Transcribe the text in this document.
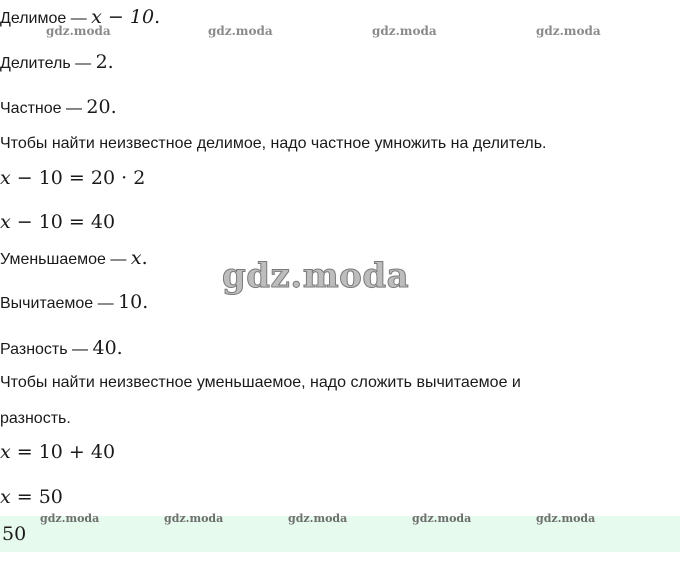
gdz.moda	gdz.moda	gdz.moda	gdz.moda
Делимое — x − 10.
Делитель — 2.
Частное — 20.
Чтобы найти неизвестное делимое, надо частное умножить на делитель.
x − 10 = 20 · 2
x − 10 = 40
Уменьшаемое — x. gdz.moda
Вычитаемое — 10.
Разность — 40.
Чтобы найти неизвестное уменьшаемое, надо сложить вычитаемое и
разность.
x = 10 + 40
x = 50
50
gdz.moda	gdz.moda	gdz.moda	gdz.moda	gdz.moda
